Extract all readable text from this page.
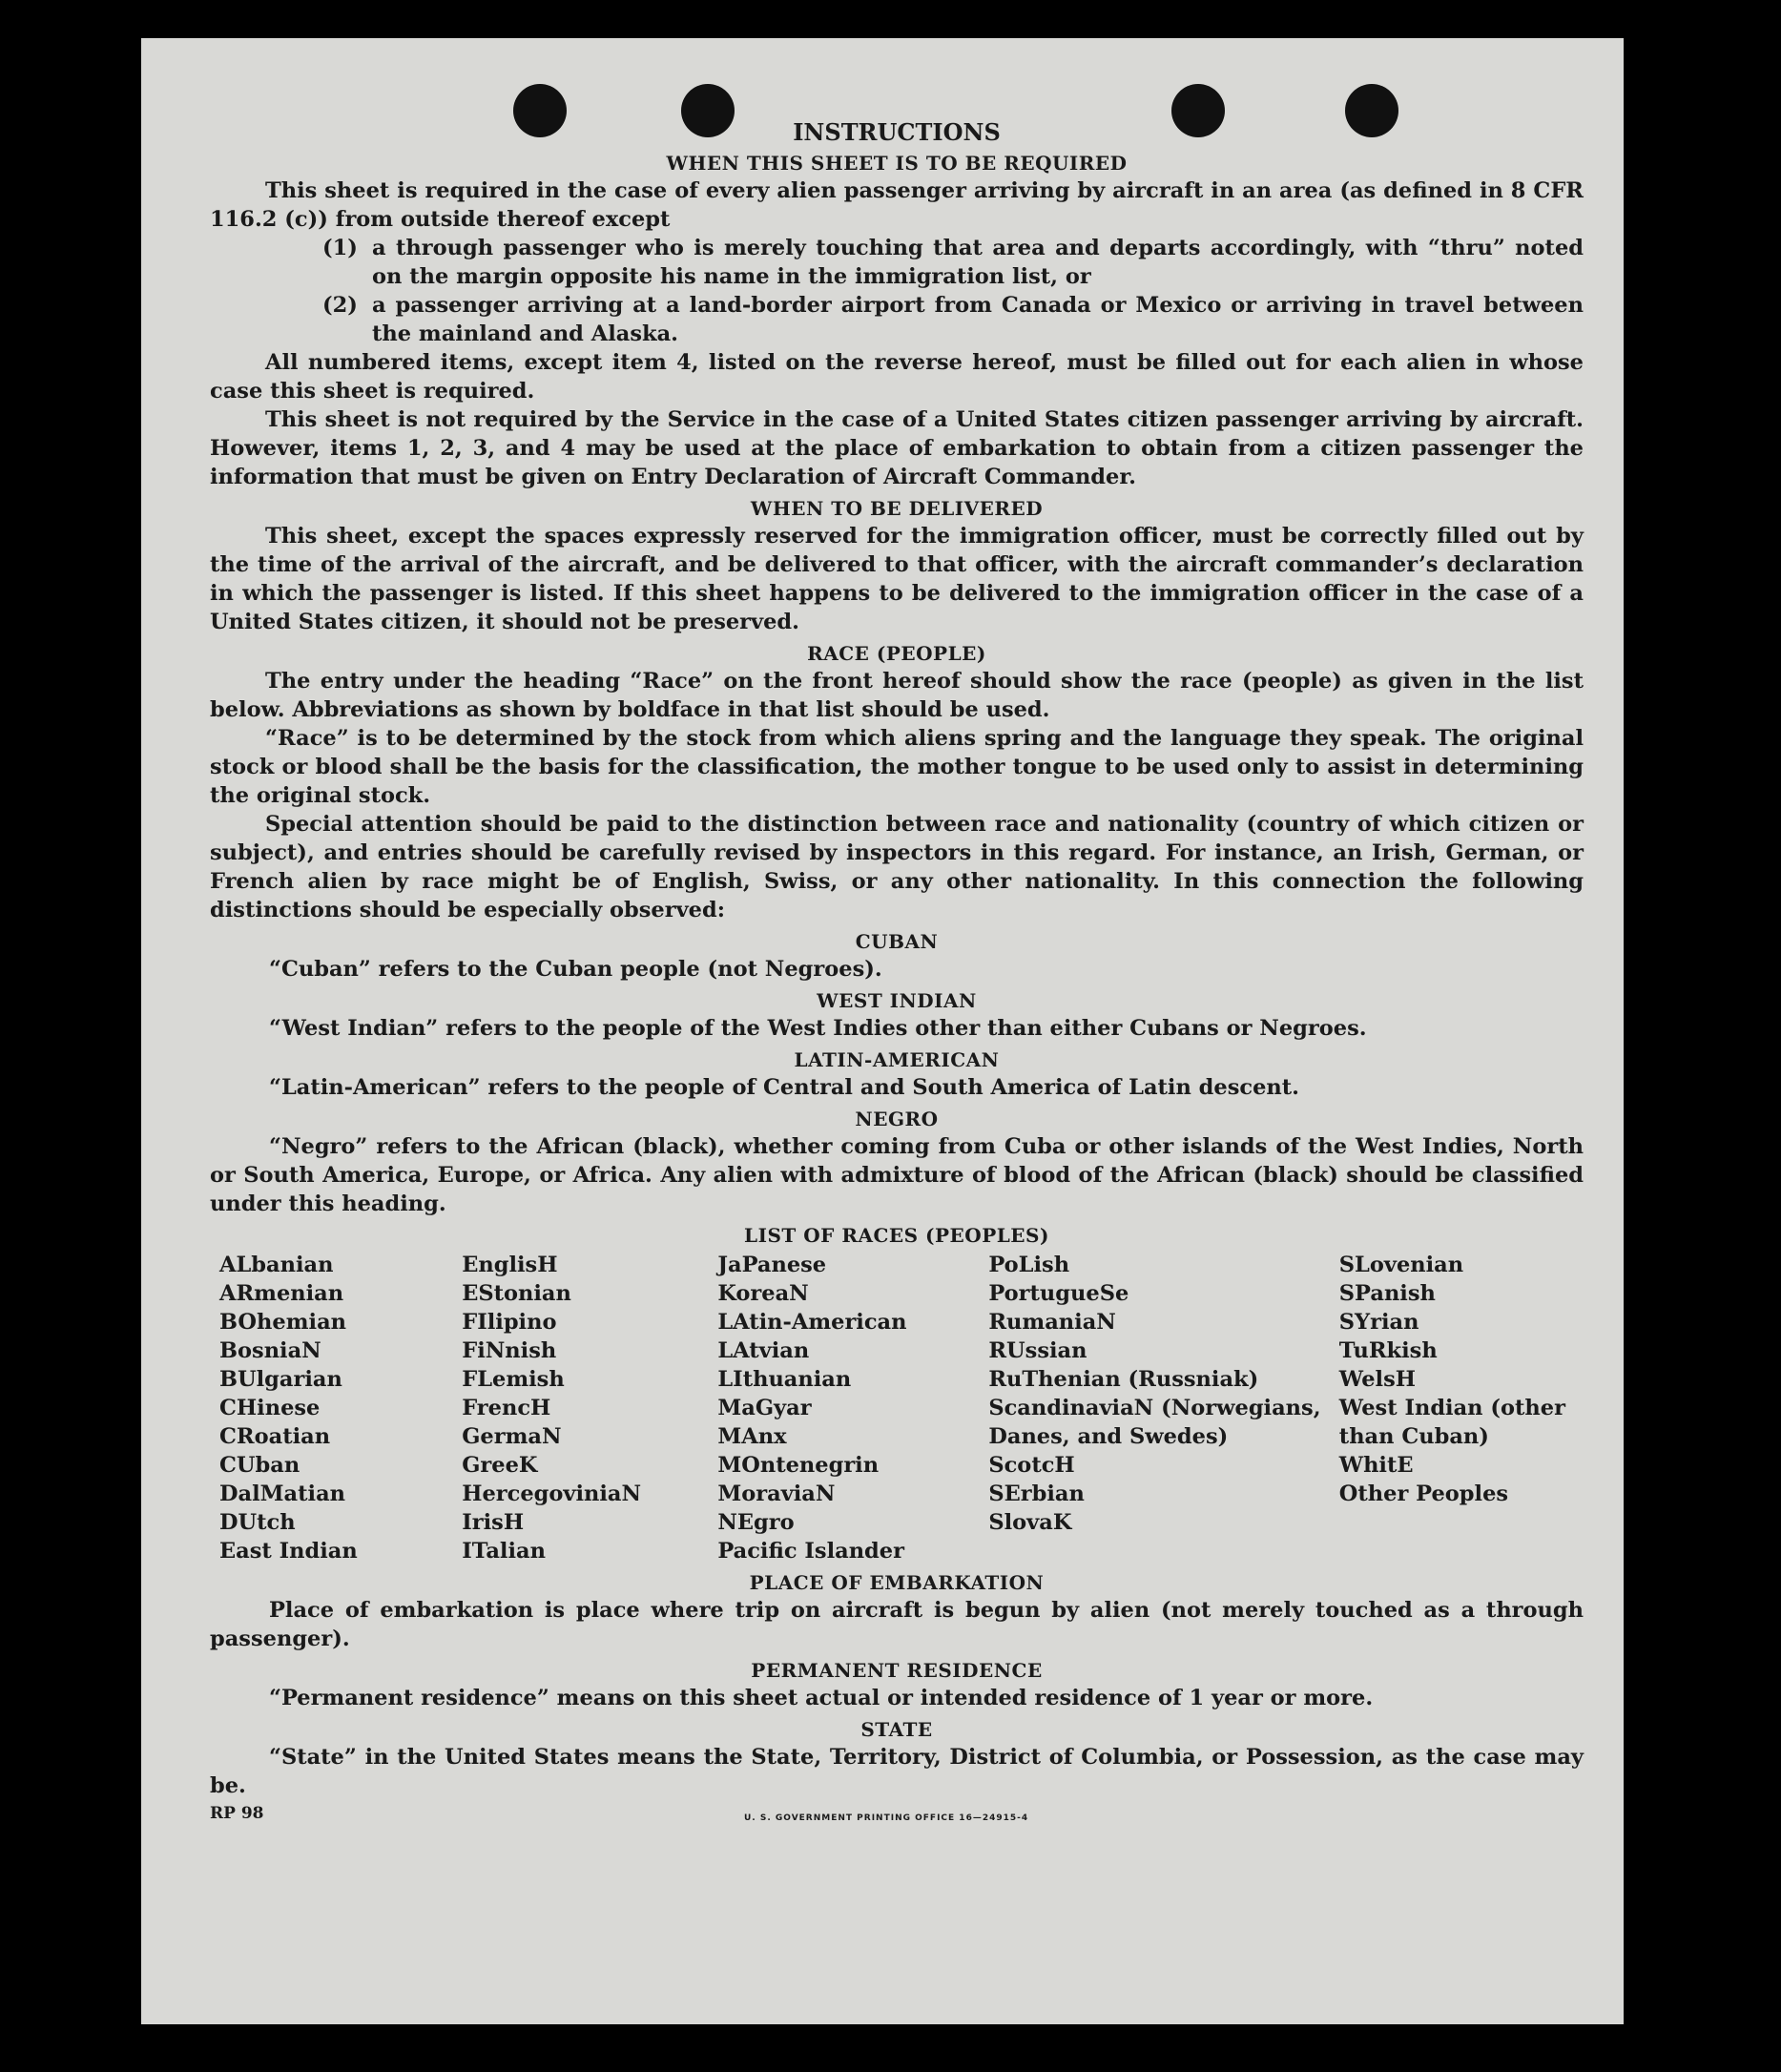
INSTRUCTIONS
WHEN THIS SHEET IS TO BE REQUIRED

This sheet is required in the case of every alien passenger arriving by aircraft in an area (as defined in 8 CFR 116.2 (c)) from outside thereof except

(1) a through passenger who is merely touching that area and departs accordingly, with “thru” noted on the margin opposite his name in the immigration list, or
(2) a passenger arriving at a land-border airport from Canada or Mexico or arriving in travel between the mainland and Alaska.

All numbered items, except item 4, listed on the reverse hereof, must be filled out for each alien in whose case this sheet is required.

This sheet is not required by the Service in the case of a United States citizen passenger arriving by aircraft. However, items 1, 2, 3, and 4 may be used at the place of embarkation to obtain from a citizen passenger the information that must be given on Entry Declaration of Aircraft Commander.

WHEN TO BE DELIVERED

This sheet, except the spaces expressly reserved for the immigration officer, must be correctly filled out by the time of the arrival of the aircraft, and be delivered to that officer, with the aircraft commander’s declaration in which the passenger is listed. If this sheet happens to be delivered to the immigration officer in the case of a United States citizen, it should not be preserved.

RACE (PEOPLE)

The entry under the heading “Race” on the front hereof should show the race (people) as given in the list below. Abbreviations as shown by boldface in that list should be used.

“Race” is to be determined by the stock from which aliens spring and the language they speak. The original stock or blood shall be the basis for the classification, the mother tongue to be used only to assist in determining the original stock.

Special attention should be paid to the distinction between race and nationality (country of which citizen or subject), and entries should be carefully revised by inspectors in this regard. For instance, an Irish, German, or French alien by race might be of English, Swiss, or any other nationality. In this connection the following distinctions should be especially observed:

CUBAN

“Cuban” refers to the Cuban people (not Negroes).

WEST INDIAN

“West Indian” refers to the people of the West Indies other than either Cubans or Negroes.

LATIN-AMERICAN

“Latin-American” refers to the people of Central and South America of Latin descent.

NEGRO

“Negro” refers to the African (black), whether coming from Cuba or other islands of the West Indies, North or South America, Europe, or Africa. Any alien with admixture of blood of the African (black) should be classified under this heading.

LIST OF RACES (PEOPLES)
ALbanian
ARmenian
BOhemian
BosniaN
BUlgarian
CHinese
CRoatian
CUban
DalMatian
DUtch
East Indian
EnglisH
EStonian
FIlipino
FiNnish
FLemish
FrencH
GermaN
GreeK
HercegoviniaN
IrisH
ITalian
JaPanese
KoreaN
LAtin-American
LAtvian
LIthuanian
MaGyar
MAnx
MOntenegrin
MoraviaN
NEgro
Pacific Islander
PoLish
PortugueSe
RumaniaN
RUssian
RuThenian (Russniak)
ScandinaviaN (Norwegians, Danes, and Swedes)
ScotcH
SErbian
SlovaK
SLovenian
SPanish
SYrian
TuRkish
WelsH
West Indian (other than Cuban)
WhitE
Other Peoples
PLACE OF EMBARKATION

Place of embarkation is place where trip on aircraft is begun by alien (not merely touched as a through passenger).

PERMANENT RESIDENCE

“Permanent residence” means on this sheet actual or intended residence of 1 year or more.

STATE

“State” in the United States means the State, Territory, District of Columbia, or Possession, as the case may be.

RP 98	U. S. GOVERNMENT PRINTING OFFICE 16—24915-4
